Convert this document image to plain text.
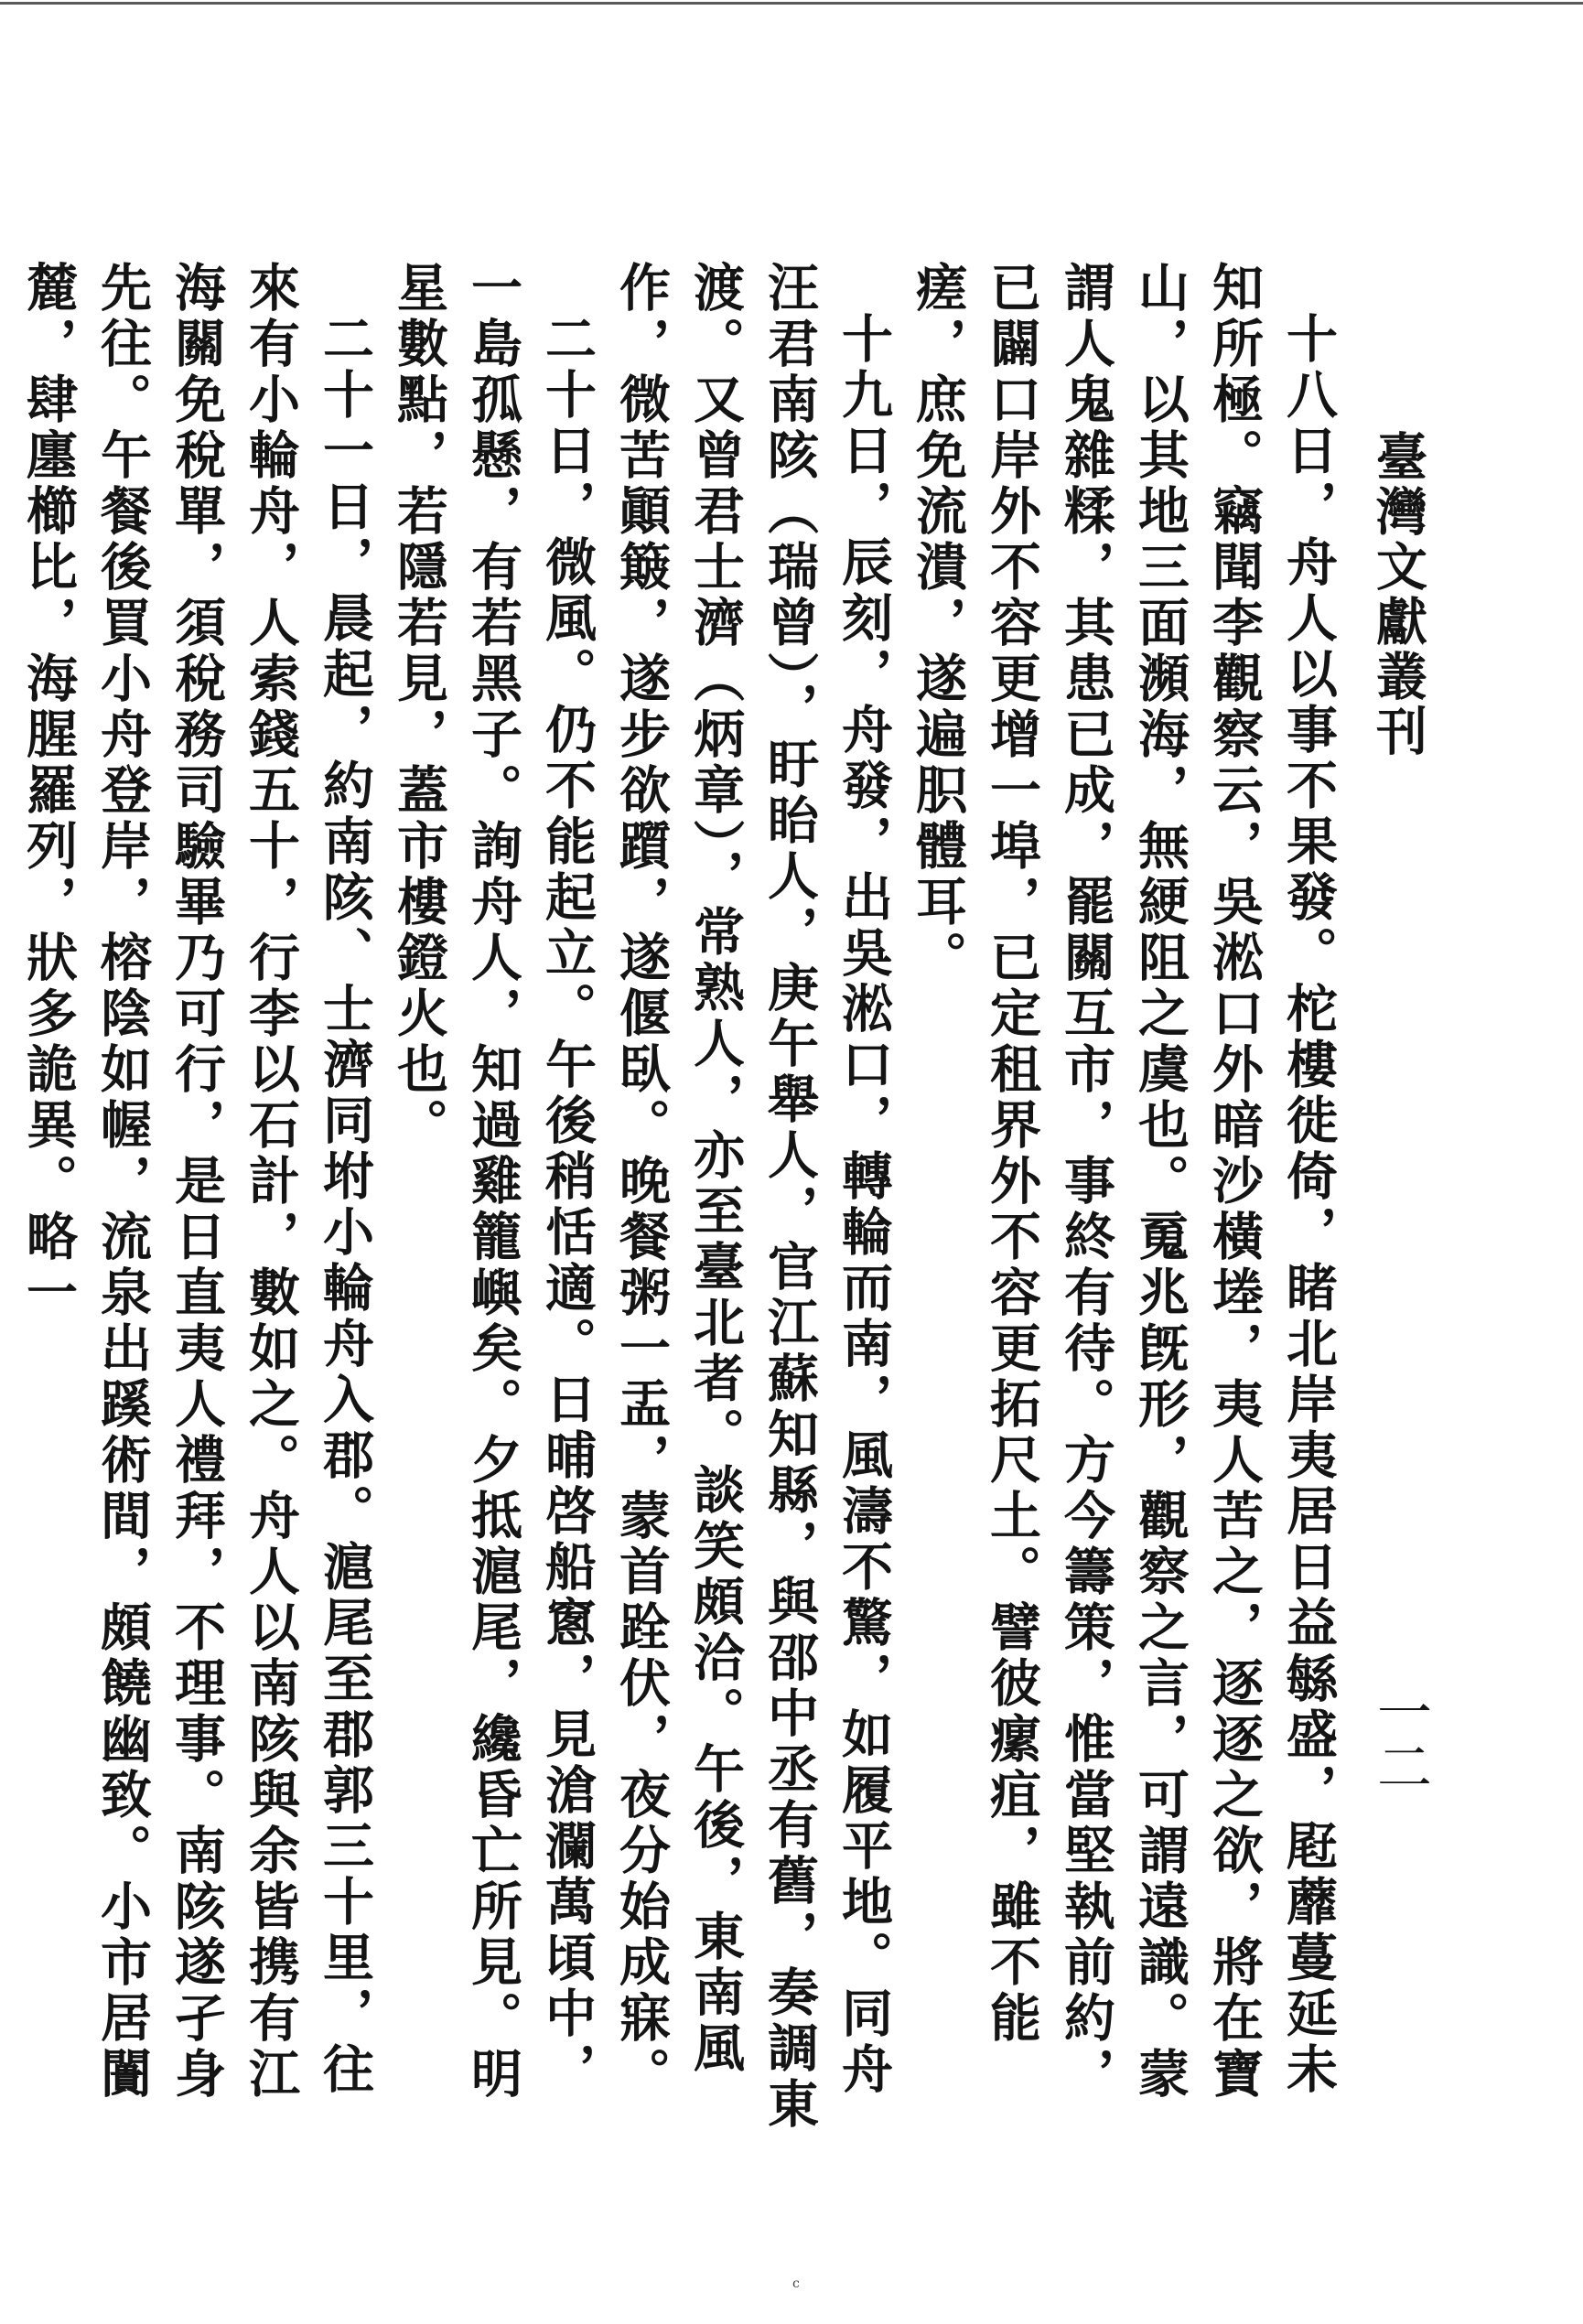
臺灣文獻叢刊
一二

十八日，舟人以事不果發。柁樓徙倚，睹北岸夷居日益緐盛，屘蘼蔓延未知所極。竊聞李觀察云，吳淞口外暗沙橫堘，夷人苦之，逐逐之欲，將在寶山，以其地三面瀕海，無綆阻之虞也。䰟兆旣形，觀察之言，可謂遠識。蒙謂人鬼雜糅，其患已成，罷關互市，事終有待。方今籌策，惟當堅執前約，已闢口岸外不容更增一埠，已定租界外不容更拓尺土。譬彼瘰疽，雖不能瘥，庶免流潰，遂遍胑體耳。

十九日，辰刻，舟發，出吳淞口，轉輪而南，風濤不驚，如履平地。同舟汪君南陔（瑞曾），盱眙人，庚午舉人，官江蘇知縣，與邵中丞有舊，奏調東渡。又曾君士濟（炳章），常熟人，亦至臺北者。談笑頗洽。午後，東南風作，微苦顚簸，遂步欲躓，遂偃臥。晚餐粥一盂，蒙首跧伏，夜分始成寐。

二十日，微風。仍不能起立。午後稍恬適。日晡啓船窻，見滄瀾萬頃中，一島孤懸，有若黑子。詢舟人，知過雞籠嶼矣。夕抵滬尾，纔昏亡所見。明星數點，若隱若見，蓋市樓鐙火也。

二十一日，晨起，約南陔、士濟同坿小輪舟入郡。滬尾至郡郭三十里，往來有小輪舟，人索錢五十，行李以石計，數如之。舟人以南陔與余皆携有江海關免稅單，須稅務司驗畢乃可行，是日直夷人禮拜，不理事。南陔遂孑身先往。午餐後買小舟登岸，榕陰如幄，流泉出蹊術間，頗饒幽致。小市居闠麓，肆廛櫛比，海腥羅列，狀多詭異。略一

c
